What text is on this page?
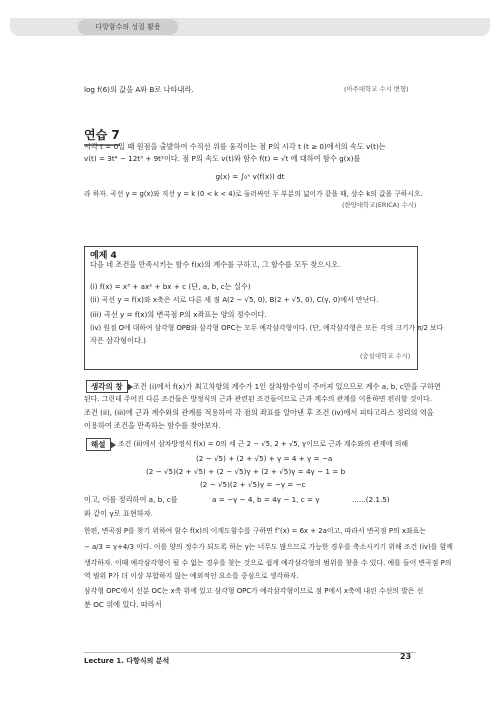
다항함수의 성질 활용
log f(6)의 값을 A와 B로 나타내라.	(아주대학교 수시 변형)
연습 7
시각 t = 0일 때 원점을 출발하여 수직선 위를 움직이는 점 P의 시각 t (t ≥ 0)에서의 속도 v(t)는
v(t) = 3t⁴ − 12t³ + 9t²이다. 점 P의 속도 v(t)와 함수 f(t) = √t 에 대하여 함수 g(x)를
g(x) = ∫₀ˣ v(f(x)) dt
라 하자. 곡선 y = g(x)와 직선 y = k (0 < k < 4)로 둘러싸인 두 부분의 넓이가 같을 때, 상수 k의 값을 구하시오.
(한양대학교(ERICA) 수시)
예제 4
다음 네 조건을 만족시키는 함수 f(x)의 계수를 구하고, 그 함수를 모두 찾으시오.
(i) f(x) = x³ + ax² + bx + c (단, a, b, c는 실수)
(ii) 곡선 y = f(x)와 x축은 서로 다른 세 점 A(2 − √5, 0), B(2 + √5, 0), C(γ, 0)에서 만난다.
(iii) 곡선 y = f(x)의 변곡점 P의 x좌표는 양의 정수이다.
(iv) 원점 O에 대하여 삼각형 OPB와 삼각형 OPC는 모두 예각삼각형이다. (단, 예각삼각형은 모든 각의 크기가 π/2 보다
작은 삼각형이다.)
(숭실대학교 수시)
생각의 창	조건 (i)에서 f(x)가 최고차항의 계수가 1인 삼차함수임이 주어져 있으므로 계수 a, b, c만을 구하면
된다. 그런데 주어진 다른 조건들은 방정식의 근과 관련된 조건들이므로 근과 계수의 관계를 이용하면 편리할 것이다.
조건 (ii), (iii)에 근과 계수와의 관계를 적용하여 각 점의 좌표를 알아낸 후 조건 (iv)에서 피타고라스 정리의 역을
이용하여 조건을 만족하는 함수를 찾아보자.
해설	조건 (ii)에서 삼차방정식 f(x) = 0의 세 근 2 − √5, 2 + √5, γ이므로 근과 계수와의 관계에 의해
(2 − √5) + (2 + √5) + γ = 4 + γ = −a
(2 − √5)(2 + √5) + (2 − √5)γ + (2 + √5)γ = 4γ − 1 = b
(2 − √5)(2 + √5)γ = −γ = −c
이고, 이를 정리하여 a, b, c를	a = −γ − 4, b = 4γ − 1, c = γ	......(2.1.5)
와 같이 γ로 표현하자.
한편, 변곡점 P를 찾기 위하여 함수 f(x)의 이계도함수를 구하면 f″(x) = 6x + 2a이고, 따라서 변곡점 P의 x좌표는
− a/3 = γ+4/3 이다. 이를 양의 정수가 되도록 하는 γ는 너무도 많으므로 가능한 경우를 축소시키기 위해 조건 (iv)를 함께
생각하자. 이때 예각삼각형이 될 수 없는 경우를 찾는 것으로 쉽게 예각삼각형의 범위를 찾을 수 있다. 예를 들어 변곡점 P의
역 범위 P가 더 이상 부합하지 않는 예외적인 요소를 중심으로 생각하자.
삼각형 OPC에서 선분 OC는 x축 위에 있고 삼각형 OPC가 예각삼각형이므로 점 P에서 x축에 내린 수선의 발은 선
분 OC 위에 있다. 따라서
Lecture 1. 다항식의 분석	23
